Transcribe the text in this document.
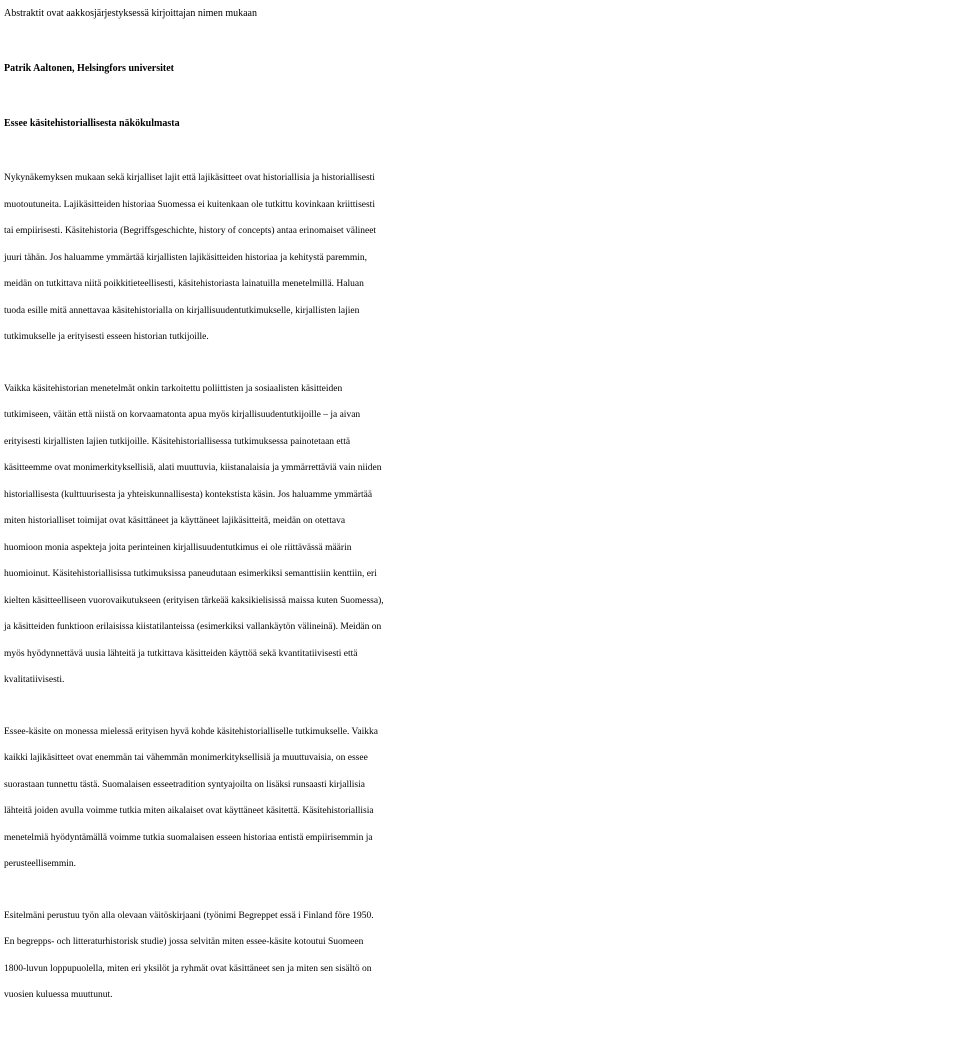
Abstraktit ovat aakkosjärjestyksessä kirjoittajan nimen mukaan

Patrik Aaltonen, Helsingfors universitet

Essee käsitehistoriallisesta näkökulmasta

Nykynäkemyksen mukaan sekä kirjalliset lajit että lajikäsitteet ovat historiallisia ja historiallisesti
muotoutuneita. Lajikäsitteiden historiaa Suomessa ei kuitenkaan ole tutkittu kovinkaan kriittisesti
tai empiirisesti. Käsitehistoria (Begriffsgeschichte, history of concepts) antaa erinomaiset välineet
juuri tähän. Jos haluamme ymmärtää kirjallisten lajikäsitteiden historiaa ja kehitystä paremmin,
meidän on tutkittava niitä poikkitieteellisesti, käsitehistoriasta lainatuilla menetelmillä. Haluan
tuoda esille mitä annettavaa käsitehistorialla on kirjallisuudentutkimukselle, kirjallisten lajien
tutkimukselle ja erityisesti esseen historian tutkijoille.

Vaikka käsitehistorian menetelmät onkin tarkoitettu poliittisten ja sosiaalisten käsitteiden
tutkimiseen, väitän että niistä on korvaamatonta apua myös kirjallisuudentutkijoille – ja aivan
erityisesti kirjallisten lajien tutkijoille. Käsitehistoriallisessa tutkimuksessa painotetaan että
käsitteemme ovat monimerkityksellisiä, alati muuttuvia, kiistanalaisia ja ymmärrettäviä vain niiden
historiallisesta (kulttuurisesta ja yhteiskunnallisesta) kontekstista käsin. Jos haluamme ymmärtää
miten historialliset toimijat ovat käsittäneet ja käyttäneet lajikäsitteitä, meidän on otettava
huomioon monia aspekteja joita perinteinen kirjallisuudentutkimus ei ole riittävässä määrin
huomioinut. Käsitehistoriallisissa tutkimuksissa paneudutaan esimerkiksi semanttisiin kenttiin, eri
kielten käsitteelliseen vuorovaikutukseen (erityisen tärkeää kaksikielisissä maissa kuten Suomessa),
ja käsitteiden funktioon erilaisissa kiistatilanteissa (esimerkiksi vallankäytön välineinä). Meidän on
myös hyödynnettävä uusia lähteitä ja tutkittava käsitteiden käyttöä sekä kvantitatiivisesti että
kvalitatiivisesti.

Essee-käsite on monessa mielessä erityisen hyvä kohde käsitehistorialliselle tutkimukselle. Vaikka
kaikki lajikäsitteet ovat enemmän tai vähemmän monimerkityksellisiä ja muuttuvaisia, on essee
suorastaan tunnettu tästä. Suomalaisen esseetradition syntyajoilta on lisäksi runsaasti kirjallisia
lähteitä joiden avulla voimme tutkia miten aikalaiset ovat käyttäneet käsitettä. Käsitehistoriallisia
menetelmiä hyödyntämällä voimme tutkia suomalaisen esseen historiaa entistä empiirisemmin ja
perusteellisemmin.

Esitelmäni perustuu työn alla olevaan väitöskirjaani (työnimi Begreppet essä i Finland före 1950.
En begrepps- och litteraturhistorisk studie) jossa selvitän miten essee-käsite kotoutui Suomeen
1800-luvun loppupuolella, miten eri yksilöt ja ryhmät ovat käsittäneet sen ja miten sen sisältö on
vuosien kuluessa muuttunut.
